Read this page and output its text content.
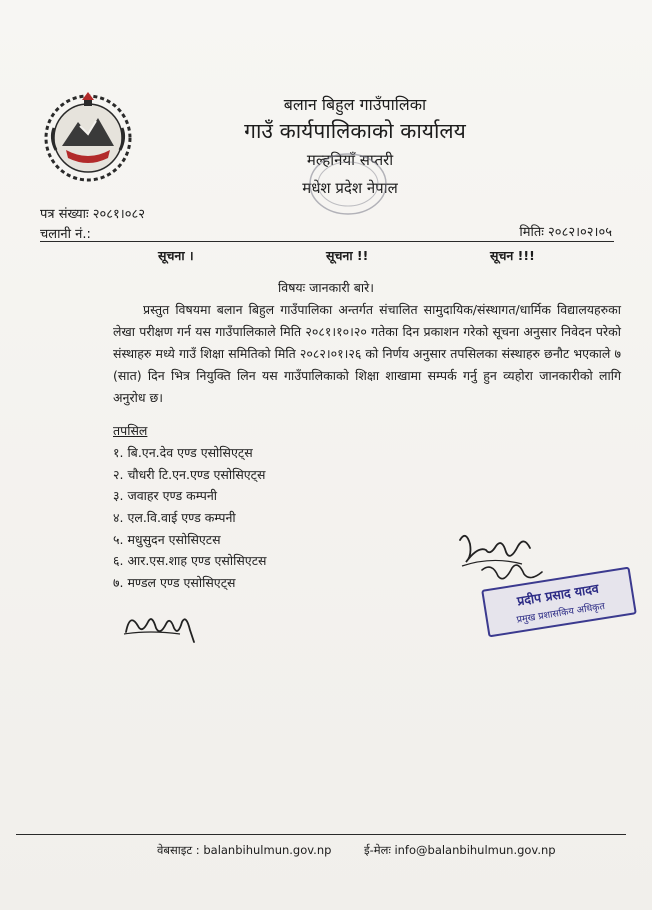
बलान बिहुल गाउँपालिका
गाउँ कार्यपालिकाको कार्यालय
मल्हनियाँ सप्तरी
मधेश प्रदेश नेपाल
पत्र संख्याः २०८१।०८२
चलानी नं.:	मितिः २०८२।०२।०५
सूचना ।	सूचना !!	सूचन !!!
विषयः जानकारी बारे।
प्रस्तुत विषयमा बलान बिहुल गाउँपालिका अन्तर्गत संचालित सामुदायिक/संस्थागत/धार्मिक विद्यालयहरुका लेखा परीक्षण गर्न यस गाउँपालिकाले मिति २०८१।१०।२० गतेका दिन प्रकाशन गरेको सूचना अनुसार निवेदन परेको संस्थाहरु मध्ये गाउँ शिक्षा समितिको मिति २०८२।०१।२६ को निर्णय अनुसार तपसिलका संस्थाहरु छनौट भएकाले ७ (सात) दिन भित्र नियुक्ति लिन यस गाउँपालिकाको शिक्षा शाखामा सम्पर्क गर्नु हुन व्यहोरा जानकारीको लागि अनुरोध छ।
तपसिल
१. बि.एन.देव एण्ड एसोसिएट्स
२. चौधरी टि.एन.एण्ड एसोसिएट्स
३. जवाहर एण्ड कम्पनी
४. एल.वि.वाई एण्ड कम्पनी
५. मधुसुदन एसोसिएटस
६. आर.एस.शाह एण्ड एसोसिएटस
७. मण्डल एण्ड एसोसिएट्स	प्रदीप प्रसाद यादव
प्रमुख प्रशासकिय अधिकृत
वेबसाइट : balanbihulmun.gov.np	ई-मेलः info@balanbihulmun.gov.np
